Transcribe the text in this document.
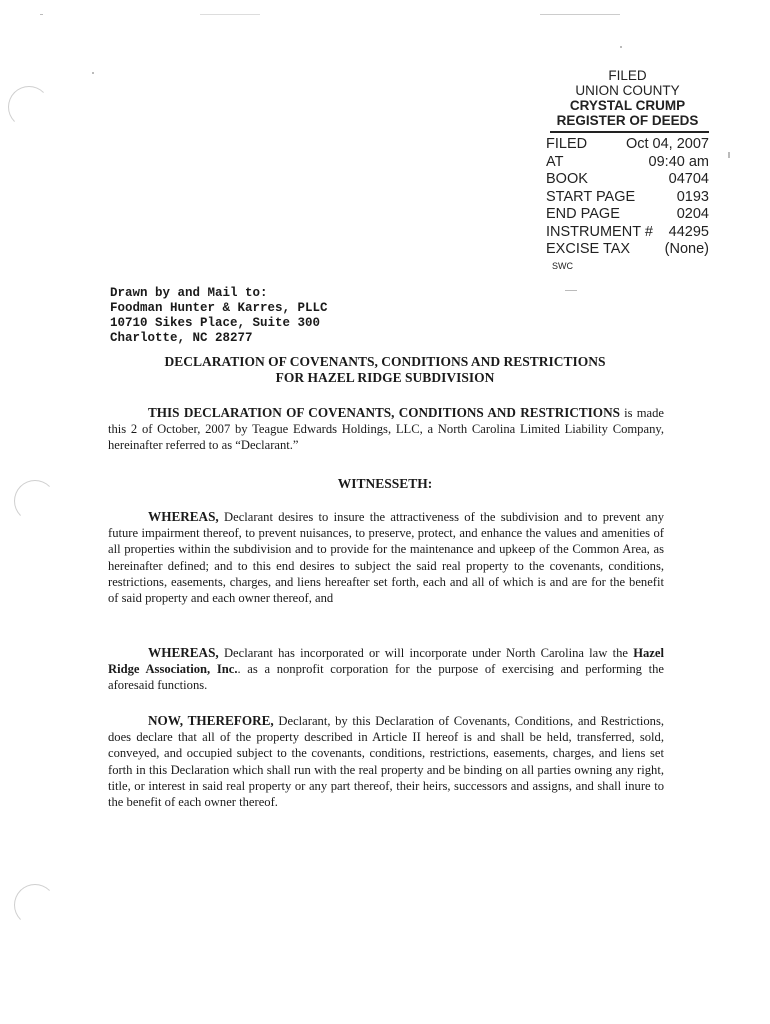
FILED
UNION COUNTY
CRYSTAL CRUMP
REGISTER OF DEEDS
FILED	Oct 04, 2007
AT	09:40 am
BOOK	04704
START PAGE	0193
END PAGE	0204
INSTRUMENT # 44295
EXCISE TAX (None)
SWC
Drawn by and Mail to:
Foodman Hunter & Karres, PLLC
10710 Sikes Place, Suite 300
Charlotte, NC 28277
DECLARATION OF COVENANTS, CONDITIONS AND RESTRICTIONS
FOR HAZEL RIDGE SUBDIVISION
THIS DECLARATION OF COVENANTS, CONDITIONS AND RESTRICTIONS is made this 2 of October, 2007 by Teague Edwards Holdings, LLC, a North Carolina Limited Liability Company, hereinafter referred to as “Declarant.”
WITNESSETH:
WHEREAS, Declarant desires to insure the attractiveness of the subdivision and to prevent any future impairment thereof, to prevent nuisances, to preserve, protect, and enhance the values and amenities of all properties within the subdivision and to provide for the maintenance and upkeep of the Common Area, as hereinafter defined; and to this end desires to subject the said real property to the covenants, conditions, restrictions, easements, charges, and liens hereafter set forth, each and all of which is and are for the benefit of said property and each owner thereof, and
WHEREAS, Declarant has incorporated or will incorporate under North Carolina law the Hazel Ridge Association, Inc.. as a nonprofit corporation for the purpose of exercising and performing the aforesaid functions.
NOW, THEREFORE, Declarant, by this Declaration of Covenants, Conditions, and Restrictions, does declare that all of the property described in Article II hereof is and shall be held, transferred, sold, conveyed, and occupied subject to the covenants, conditions, restrictions, easements, charges, and liens set forth in this Declaration which shall run with the real property and be binding on all parties owning any right, title, or interest in said real property or any part thereof, their heirs, successors and assigns, and shall inure to the benefit of each owner thereof.
